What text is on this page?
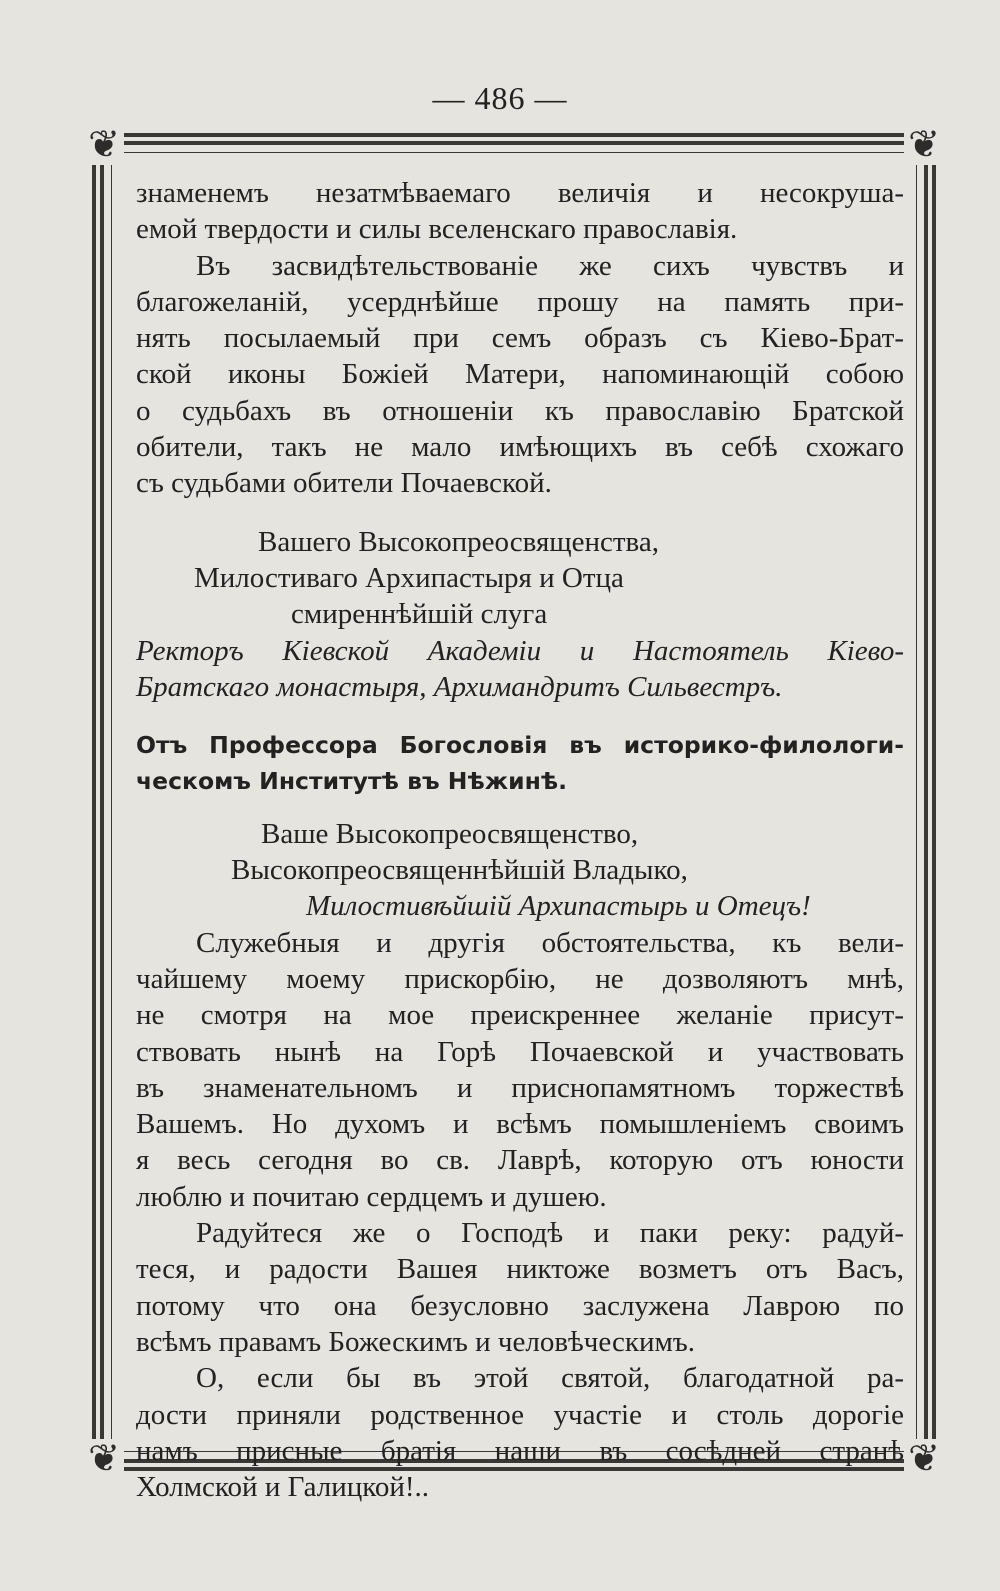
— 486 —
❦	❦
❦	❦
знаменемъ незатмѣваемаго величія и несокруша-
емой твердости и силы вселенскаго православія.
Въ засвидѣтельствованіе же сихъ чувствъ и
благожеланій, усерднѣйше прошу на память при-
нять посылаемый при семъ образъ съ Кіево-Брат-
ской иконы Божіей Матери, напоминающій собою
о судьбахъ въ отношеніи къ православію Братской
обители, такъ не мало имѣющихъ въ себѣ схожаго
съ судьбами обители Почаевской.
Вашего Высокопреосвященства,
Милостиваго Архипастыря и Отца
смиреннѣйшій слуга
Ректоръ Кіевской Академіи и Настоятель Кіево-
Братскаго монастыря, Архимандритъ Сильвестръ.
Отъ Профессора Богословія въ историко-филологи-
ческомъ Институтѣ въ Нѣжинѣ.
Ваше Высокопреосвященство,
Высокопреосвященнѣйшій Владыко,
Милостивѣйшій Архипастырь и Отецъ!
Служебныя и другія обстоятельства, къ вели-
чайшему моему прискорбію, не дозволяютъ мнѣ,
не смотря на мое преискреннее желаніе присут-
ствовать нынѣ на Горѣ Почаевской и участвовать
въ знаменательномъ и приснопамятномъ торжествѣ
Вашемъ. Но духомъ и всѣмъ помышленіемъ своимъ
я весь сегодня во св. Лаврѣ, которую отъ юности
люблю и почитаю сердцемъ и душею.
Радуйтеся же о Господѣ и паки реку: радуй-
теся, и радости Вашея никтоже возметъ отъ Васъ,
потому что она безусловно заслужена Лаврою по
всѣмъ правамъ Божескимъ и человѣческимъ.
О, если бы въ этой святой, благодатной ра-
дости приняли родственное участіе и столь дорогіе
намъ присные братія наши въ сосѣдней странѣ
Холмской и Галицкой!..
